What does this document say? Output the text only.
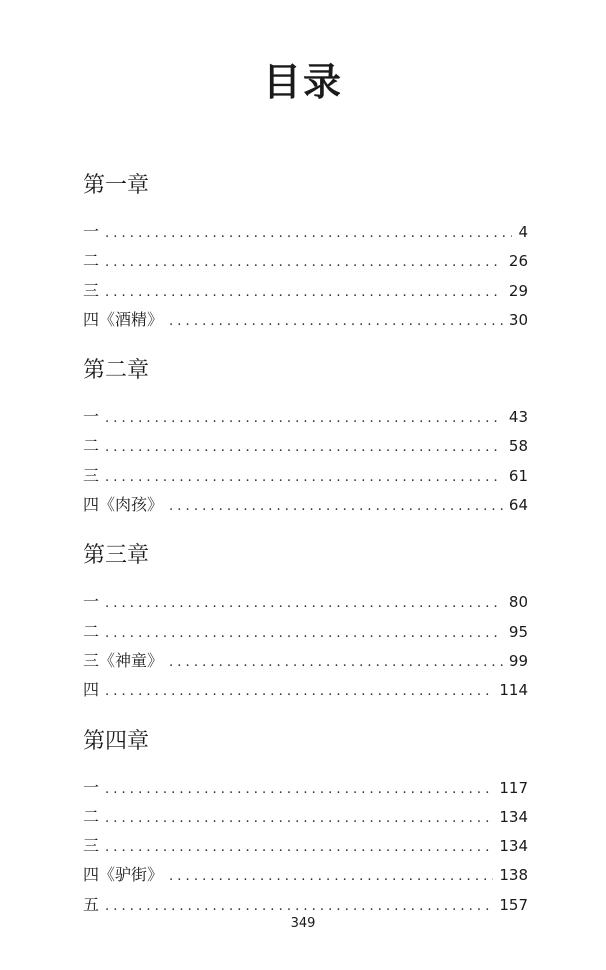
目录
第一章
一 . . .	4
二 . . .	26
三 . . .	29
四 《酒精》 . . .	30
第二章
一 . . .	43
二 . . .	58
三 . . .	61
四 《肉孩》 . . .	64
第三章
一 . . .	80
二 . . .	95
三 《神童》 . . .	99
四 . . .	114
第四章
一 . . .	117
二 . . .	134
三 . . .	134
四 《驴街》 . . .	138
五 . . .	157
349
